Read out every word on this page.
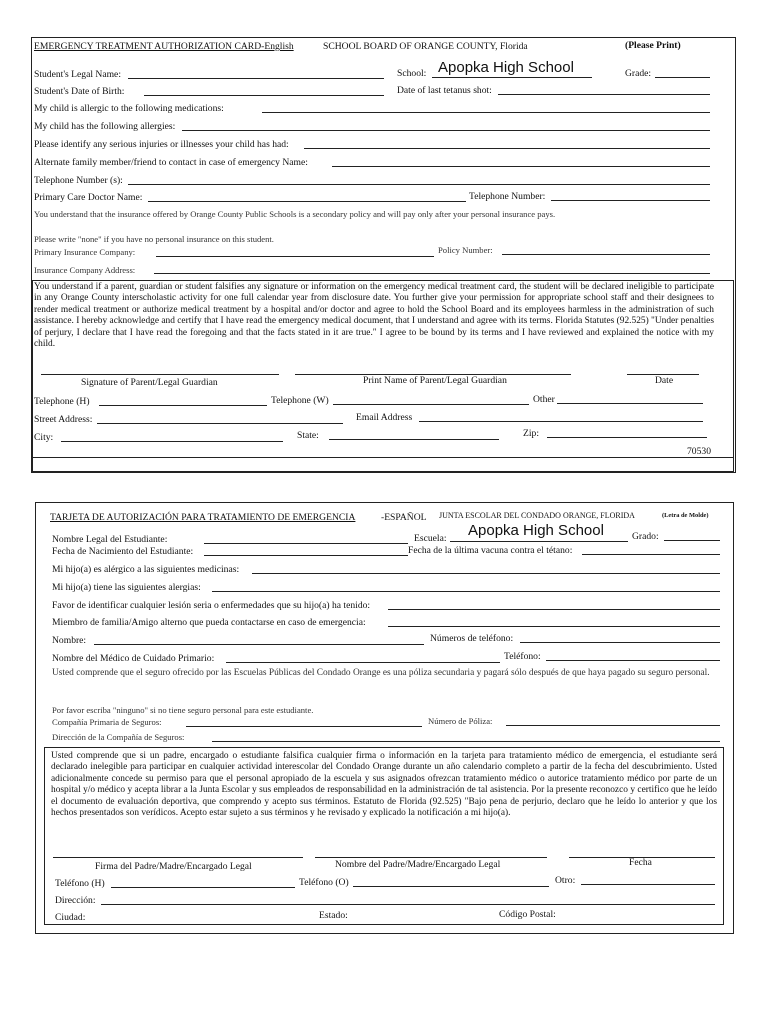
EMERGENCY TREATMENT AUTHORIZATION CARD-English	SCHOOL BOARD OF ORANGE COUNTY, Florida	(Please Print)
Student's Legal Name:	School: Apopka High School	Grade:
Student's Date of Birth:	Date of last tetanus shot:
My child is allergic to the following medications:
My child has the following allergies:
Please identify any serious injuries or illnesses your child has had:
Alternate family member/friend to contact in case of emergency Name:
Telephone Number (s):
Primary Care Doctor Name:	Telephone Number:
You understand that the insurance offered by Orange County Public Schools is a secondary policy and will pay only after your personal insurance pays.
Please write "none" if you have no personal insurance on this student.
Primary Insurance Company:	Policy Number:
Insurance Company Address:
You understand if a parent, guardian or student falsifies any signature or information on the emergency medical treatment card, the student will be declared ineligible to participate in any Orange County interscholastic activity for one full calendar year from disclosure date. You further give your permission for appropriate school staff and their designees to render medical treatment or authorize medical treatment by a hospital and/or doctor and agree to hold the School Board and its employees harmless in the administration of such assistance. I hereby acknowledge and certify that I have read the emergency medical document, that I understand and agree with its terms. Florida Statutes (92.525) "Under penalties of perjury, I declare that I have read the foregoing and that the facts stated in it are true." I agree to be bound by its terms and I have reviewed and explained the notice with my child.
Signature of Parent/Legal Guardian	Print Name of Parent/Legal Guardian	Date
Telephone (H)	Telephone (W)	Other
Street Address:	Email Address
City:	State:	Zip:
70530
TARJETA DE AUTORIZACIÓN PARA TRATAMIENTO DE EMERGENCIA	-ESPAÑOL JUNTA ESCOLAR DEL CONDADO ORANGE, FLORIDA	(Letra de Molde)
Nombre Legal del Estudiante:	Escuela: Apopka High School	Grado:
Fecha de Nacimiento del Estudiante:	Fecha de la última vacuna contra el tétano:
Mi hijo(a) es alérgico a las siguientes medicinas:
Mi hijo(a) tiene las siguientes alergias:
Favor de identificar cualquier lesión seria o enfermedades que su hijo(a) ha tenido:
Miembro de familia/Amigo alterno que pueda contactarse en caso de emergencia:
Nombre:	Números de teléfono:
Nombre del Médico de Cuidado Primario:	Teléfono:
Usted comprende que el seguro ofrecido por las Escuelas Públicas del Condado Orange es una póliza secundaria y pagará sólo después de que haya pagado su seguro personal.
Por favor escriba "ninguno" si no tiene seguro personal para este estudiante.
Compañía Primaria de Seguros:	Número de Póliza:
Dirección de la Compañía de Seguros:
Usted comprende que si un padre, encargado o estudiante falsifica cualquier firma o información en la tarjeta para tratamiento médico de emergencia, el estudiante será declarado inelegible para participar en cualquier actividad interescolar del Condado Orange durante un año calendario completo a partir de la fecha del descubrimiento. Usted adicionalmente concede su permiso para que el personal apropiado de la escuela y sus asignados ofrezcan tratamiento médico o autorice tratamiento médico por parte de un hospital y/o médico y acepta librar a la Junta Escolar y sus empleados de responsabilidad en la administración de tal asistencia. Por la presente reconozco y certifico que he leído el documento de evaluación deportiva, que comprendo y acepto sus términos. Estatuto de Florida (92.525) "Bajo pena de perjurio, declaro que he leído lo anterior y que los hechos presentados son verídicos. Acepto estar sujeto a sus términos y he revisado y explicado la notificación a mi hijo(a).
Firma del Padre/Madre/Encargado Legal	Nombre del Padre/Madre/Encargado Legal	Fecha
Teléfono (H)	Teléfono (O)	Otro:
Dirección:
Ciudad:	Estado:	Código Postal:
